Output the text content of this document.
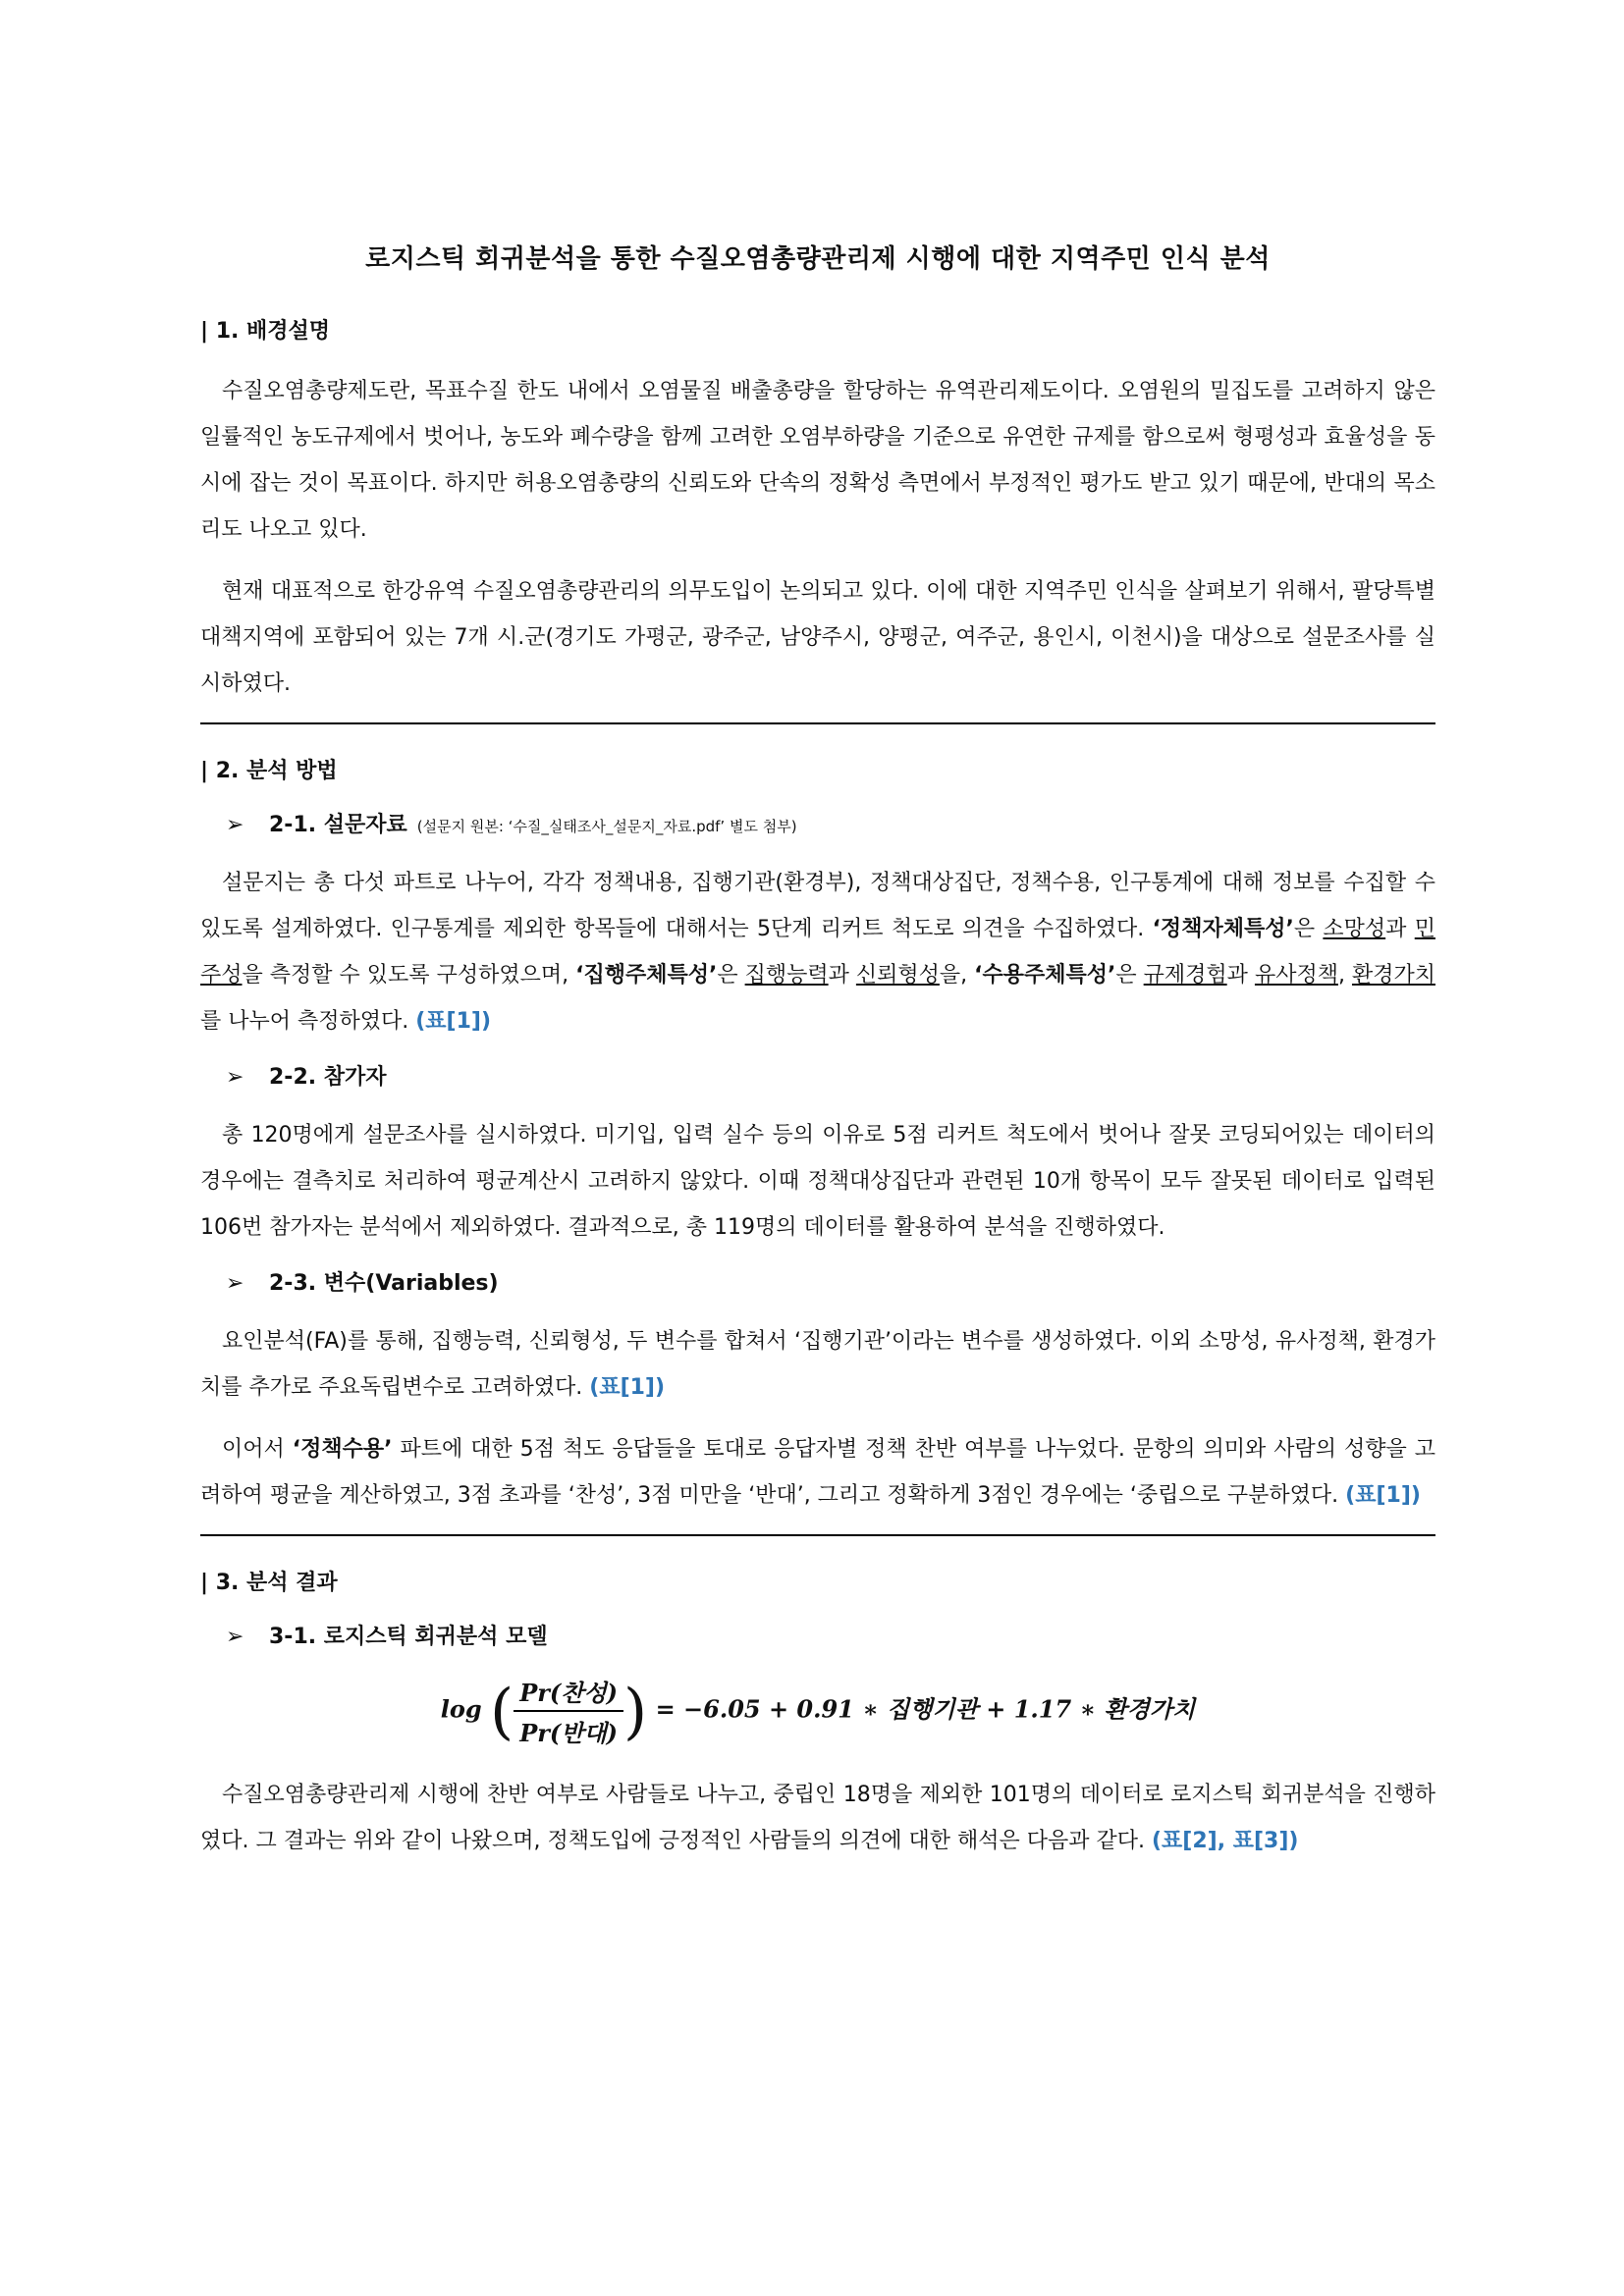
로지스틱 회귀분석을 통한 수질오염총량관리제 시행에 대한 지역주민 인식 분석
| 1. 배경설명

수질오염총량제도란, 목표수질 한도 내에서 오염물질 배출총량을 할당하는 유역관리제도이다. 오염원의 밀집도를 고려하지 않은 일률적인 농도규제에서 벗어나, 농도와 폐수량을 함께 고려한 오염부하량을 기준으로 유연한 규제를 함으로써 형평성과 효율성을 동시에 잡는 것이 목표이다. 하지만 허용오염총량의 신뢰도와 단속의 정확성 측면에서 부정적인 평가도 받고 있기 때문에, 반대의 목소리도 나오고 있다.

현재 대표적으로 한강유역 수질오염총량관리의 의무도입이 논의되고 있다. 이에 대한 지역주민 인식을 살펴보기 위해서, 팔당특별대책지역에 포함되어 있는 7개 시.군(경기도 가평군, 광주군, 남양주시, 양평군, 여주군, 용인시, 이천시)을 대상으로 설문조사를 실시하였다.

| 2. 분석 방법
➢ 2-1. 설문자료 (설문지 원본: ‘수질_실태조사_설문지_자료.pdf’ 별도 첨부)

설문지는 총 다섯 파트로 나누어, 각각 정책내용, 집행기관(환경부), 정책대상집단, 정책수용, 인구통계에 대해 정보를 수집할 수 있도록 설계하였다. 인구통계를 제외한 항목들에 대해서는 5단계 리커트 척도로 의견을 수집하였다. ‘정책자체특성’은 소망성과 민주성을 측정할 수 있도록 구성하였으며, ‘집행주체특성’은 집행능력과 신뢰형성을, ‘수용주체특성’은 규제경험과 유사정책, 환경가치를 나누어 측정하였다. (표[1])

➢ 2-2. 참가자

총 120명에게 설문조사를 실시하였다. 미기입, 입력 실수 등의 이유로 5점 리커트 척도에서 벗어나 잘못 코딩되어있는 데이터의 경우에는 결측치로 처리하여 평균계산시 고려하지 않았다. 이때 정책대상집단과 관련된 10개 항목이 모두 잘못된 데이터로 입력된 106번 참가자는 분석에서 제외하였다. 결과적으로, 총 119명의 데이터를 활용하여 분석을 진행하였다.

➢ 2-3. 변수(Variables)

요인분석(FA)를 통해, 집행능력, 신뢰형성, 두 변수를 합쳐서 ‘집행기관’이라는 변수를 생성하였다. 이외 소망성, 유사정책, 환경가치를 추가로 주요독립변수로 고려하였다. (표[1])

이어서 ‘정책수용’ 파트에 대한 5점 척도 응답들을 토대로 응답자별 정책 찬반 여부를 나누었다. 문항의 의미와 사람의 성향을 고려하여 평균을 계산하였고, 3점 초과를 ‘찬성’, 3점 미만을 ‘반대’, 그리고 정확하게 3점인 경우에는 ‘중립으로 구분하였다. (표[1])

| 3. 분석 결과
➢ 3-1. 로지스틱 회귀분석 모델
log ( $\frac{\text{Pr(찬성)}}{\text{Pr(반대)}}$ ) = −6.05 + 0.91 ∗ 집행기관 + 1.17 ∗ 환경가치

수질오염총량관리제 시행에 찬반 여부로 사람들로 나누고, 중립인 18명을 제외한 101명의 데이터로 로지스틱 회귀분석을 진행하였다. 그 결과는 위와 같이 나왔으며, 정책도입에 긍정적인 사람들의 의견에 대한 해석은 다음과 같다. (표[2], 표[3])
